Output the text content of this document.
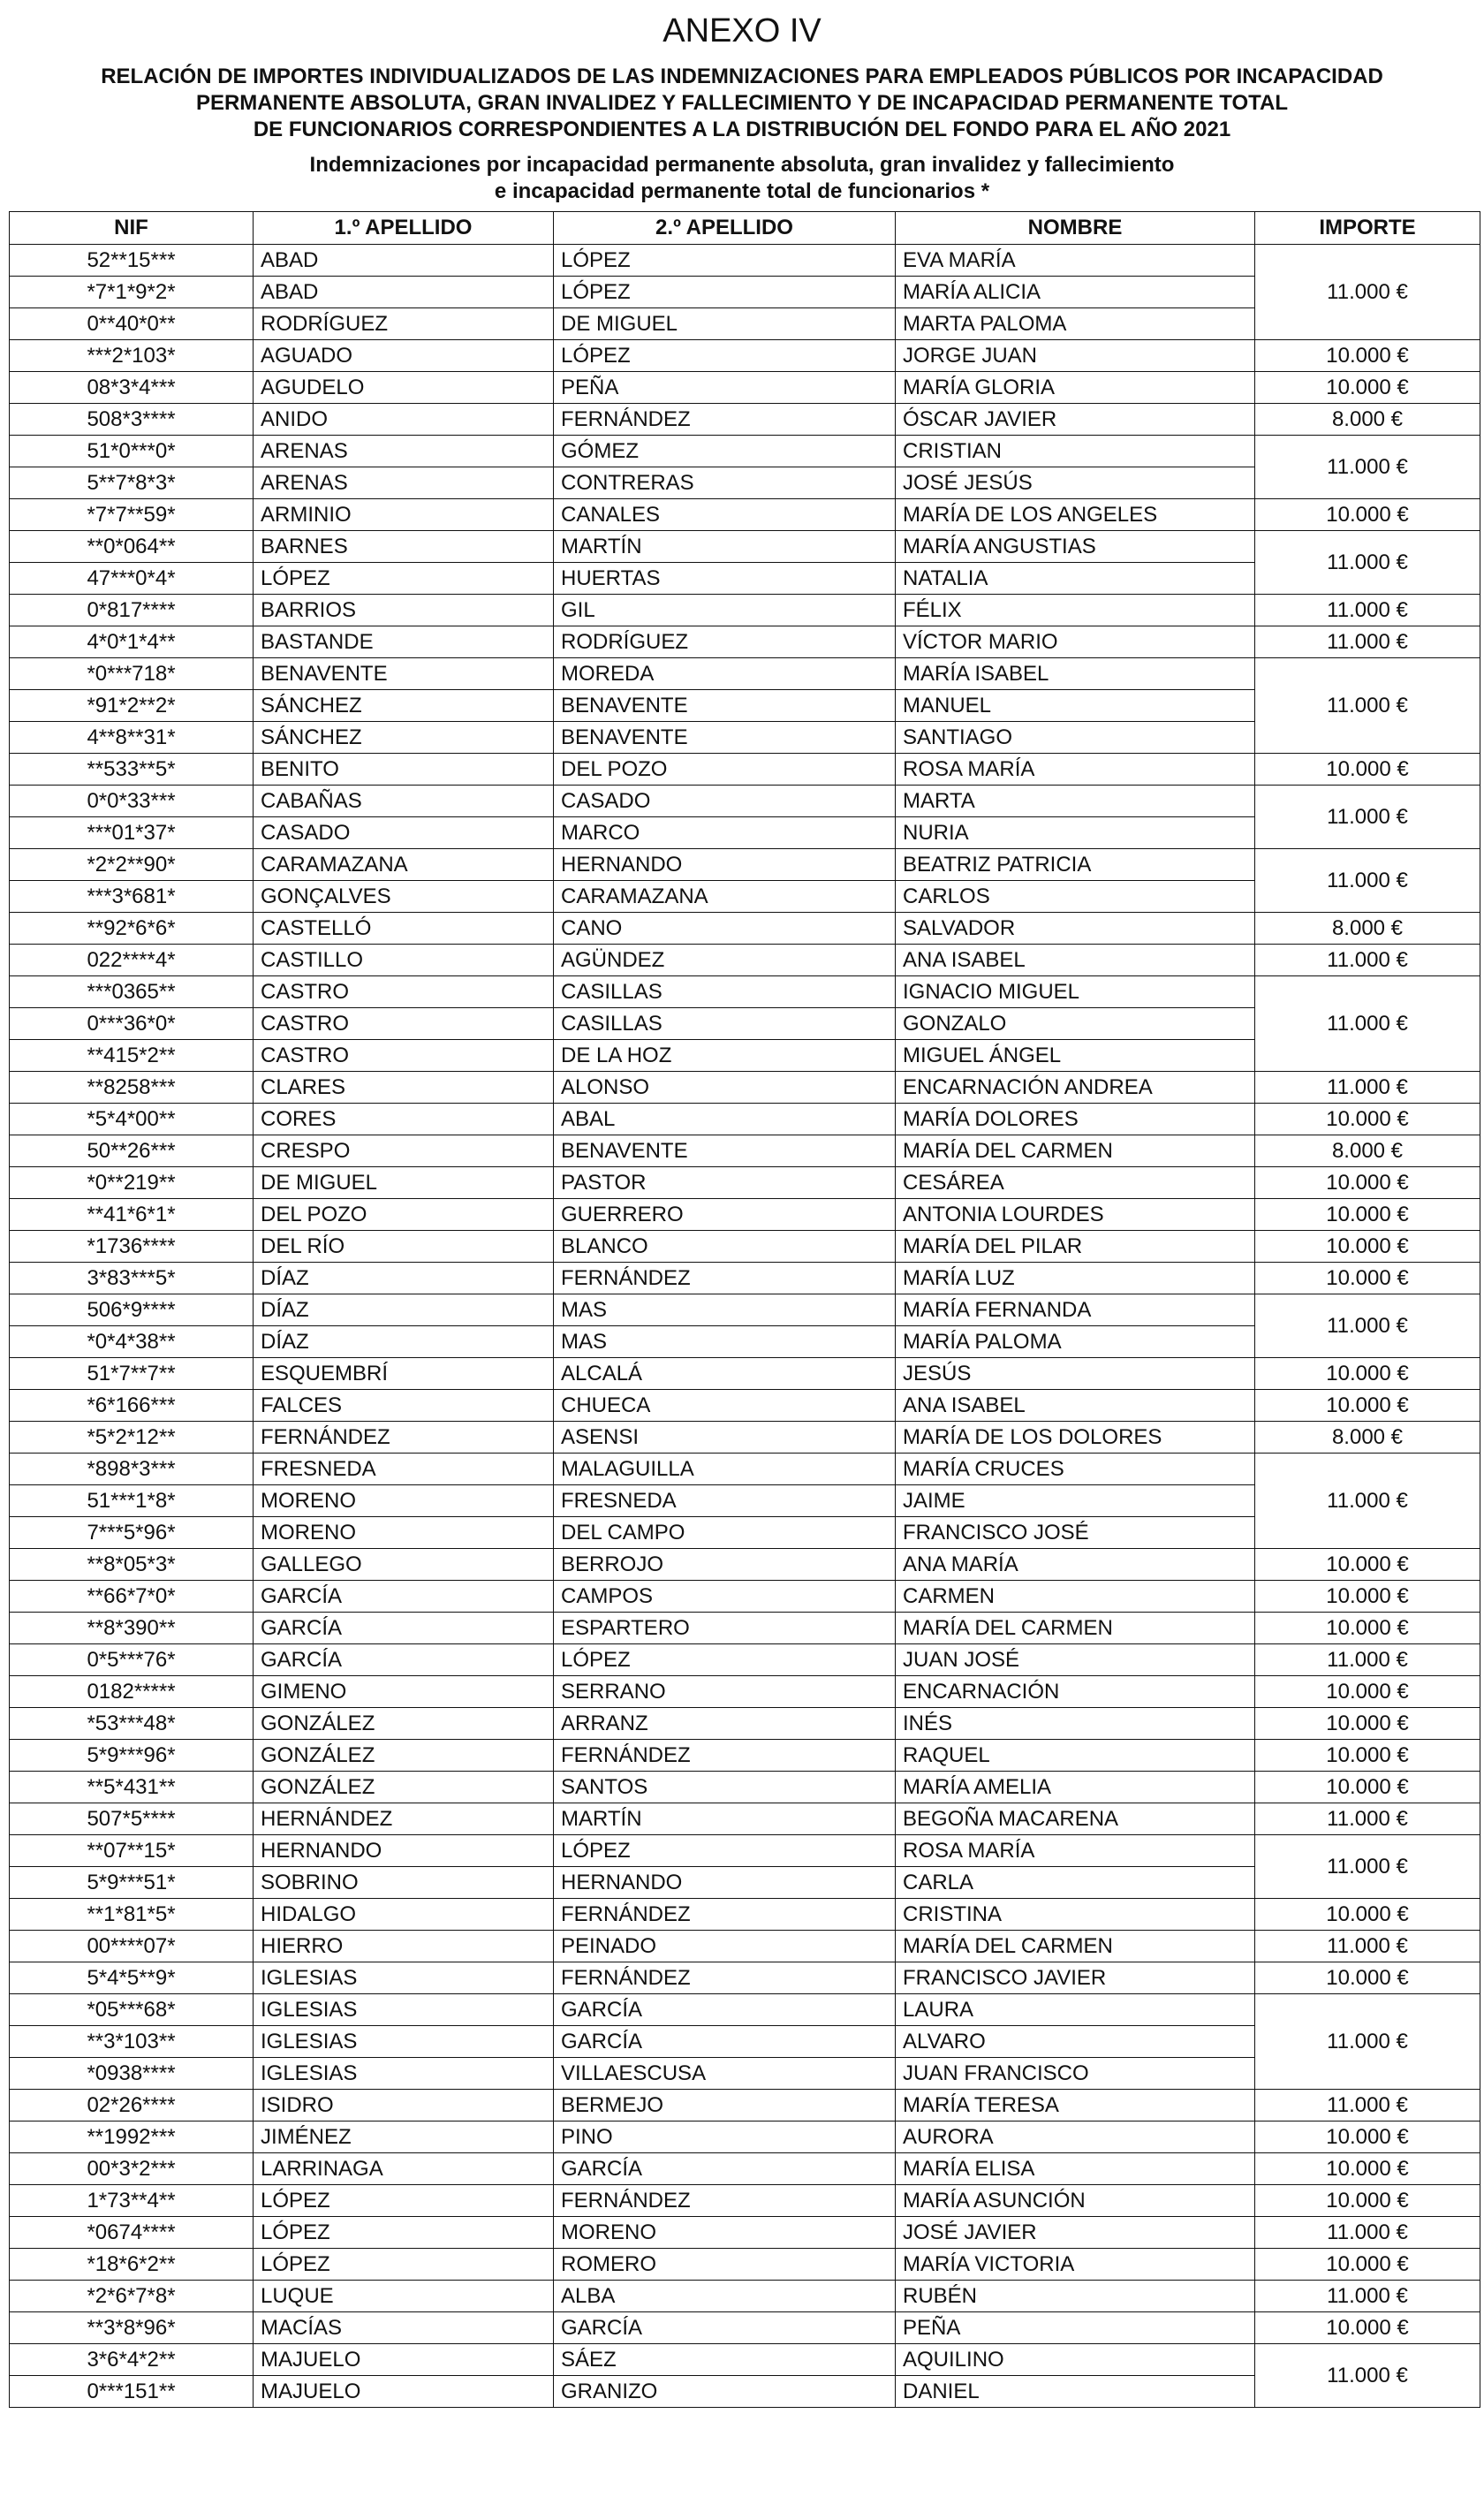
ANEXO IV
RELACIÓN DE IMPORTES INDIVIDUALIZADOS DE LAS INDEMNIZACIONES PARA EMPLEADOS PÚBLICOS POR INCAPACIDAD
PERMANENTE ABSOLUTA, GRAN INVALIDEZ Y FALLECIMIENTO Y DE INCAPACIDAD PERMANENTE TOTAL
DE FUNCIONARIOS CORRESPONDIENTES A LA DISTRIBUCIÓN DEL FONDO PARA EL AÑO 2021
Indemnizaciones por incapacidad permanente absoluta, gran invalidez y fallecimiento
e incapacidad permanente total de funcionarios *
NIF	1.º APELLIDO	2.º APELLIDO	NOMBRE	IMPORTE
52**15***	ABAD	LÓPEZ	EVA MARÍA	11.000 €
*7*1*9*2*	ABAD	LÓPEZ	MARÍA ALICIA	
0**40*0**	RODRÍGUEZ	DE MIGUEL	MARTA PALOMA	
***2*103*	AGUADO	LÓPEZ	JORGE JUAN	10.000 €
08*3*4***	AGUDELO	PEÑA	MARÍA GLORIA	10.000 €
508*3****	ANIDO	FERNÁNDEZ	ÓSCAR JAVIER	8.000 €
51*0***0*	ARENAS	GÓMEZ	CRISTIAN	11.000 €
5**7*8*3*	ARENAS	CONTRERAS	JOSÉ JESÚS	
*7*7**59*	ARMINIO	CANALES	MARÍA DE LOS ANGELES	10.000 €
**0*064**	BARNES	MARTÍN	MARÍA ANGUSTIAS	11.000 €
47***0*4*	LÓPEZ	HUERTAS	NATALIA	
0*817****	BARRIOS	GIL	FÉLIX	11.000 €
4*0*1*4**	BASTANDE	RODRÍGUEZ	VÍCTOR MARIO	11.000 €
*0***718*	BENAVENTE	MOREDA	MARÍA ISABEL	11.000 €
*91*2**2*	SÁNCHEZ	BENAVENTE	MANUEL	
4**8**31*	SÁNCHEZ	BENAVENTE	SANTIAGO	
**533**5*	BENITO	DEL POZO	ROSA MARÍA	10.000 €
0*0*33***	CABAÑAS	CASADO	MARTA	11.000 €
***01*37*	CASADO	MARCO	NURIA	
*2*2**90*	CARAMAZANA	HERNANDO	BEATRIZ PATRICIA	11.000 €
***3*681*	GONÇALVES	CARAMAZANA	CARLOS	
**92*6*6*	CASTELLÓ	CANO	SALVADOR	8.000 €
022****4*	CASTILLO	AGÜNDEZ	ANA ISABEL	11.000 €
***0365**	CASTRO	CASILLAS	IGNACIO MIGUEL	11.000 €
0***36*0*	CASTRO	CASILLAS	GONZALO	
**415*2**	CASTRO	DE LA HOZ	MIGUEL ÁNGEL	
**8258***	CLARES	ALONSO	ENCARNACIÓN ANDREA	11.000 €
*5*4*00**	CORES	ABAL	MARÍA DOLORES	10.000 €
50**26***	CRESPO	BENAVENTE	MARÍA DEL CARMEN	8.000 €
*0**219**	DE MIGUEL	PASTOR	CESÁREA	10.000 €
**41*6*1*	DEL POZO	GUERRERO	ANTONIA LOURDES	10.000 €
*1736****	DEL RÍO	BLANCO	MARÍA DEL PILAR	10.000 €
3*83***5*	DÍAZ	FERNÁNDEZ	MARÍA LUZ	10.000 €
506*9****	DÍAZ	MAS	MARÍA FERNANDA	11.000 €
*0*4*38**	DÍAZ	MAS	MARÍA PALOMA	
51*7**7**	ESQUEMBRÍ	ALCALÁ	JESÚS	10.000 €
*6*166***	FALCES	CHUECA	ANA ISABEL	10.000 €
*5*2*12**	FERNÁNDEZ	ASENSI	MARÍA DE LOS DOLORES	8.000 €
*898*3***	FRESNEDA	MALAGUILLA	MARÍA CRUCES	11.000 €
51***1*8*	MORENO	FRESNEDA	JAIME	
7***5*96*	MORENO	DEL CAMPO	FRANCISCO JOSÉ	
**8*05*3*	GALLEGO	BERROJO	ANA MARÍA	10.000 €
**66*7*0*	GARCÍA	CAMPOS	CARMEN	10.000 €
**8*390**	GARCÍA	ESPARTERO	MARÍA DEL CARMEN	10.000 €
0*5***76*	GARCÍA	LÓPEZ	JUAN JOSÉ	11.000 €
0182*****	GIMENO	SERRANO	ENCARNACIÓN	10.000 €
*53***48*	GONZÁLEZ	ARRANZ	INÉS	10.000 €
5*9***96*	GONZÁLEZ	FERNÁNDEZ	RAQUEL	10.000 €
**5*431**	GONZÁLEZ	SANTOS	MARÍA AMELIA	10.000 €
507*5****	HERNÁNDEZ	MARTÍN	BEGOÑA MACARENA	11.000 €
**07**15*	HERNANDO	LÓPEZ	ROSA MARÍA	11.000 €
5*9***51*	SOBRINO	HERNANDO	CARLA	
**1*81*5*	HIDALGO	FERNÁNDEZ	CRISTINA	10.000 €
00****07*	HIERRO	PEINADO	MARÍA DEL CARMEN	11.000 €
5*4*5**9*	IGLESIAS	FERNÁNDEZ	FRANCISCO JAVIER	10.000 €
*05***68*	IGLESIAS	GARCÍA	LAURA	11.000 €
**3*103**	IGLESIAS	GARCÍA	ALVARO	
*0938****	IGLESIAS	VILLAESCUSA	JUAN FRANCISCO	
02*26****	ISIDRO	BERMEJO	MARÍA TERESA	11.000 €
**1992***	JIMÉNEZ	PINO	AURORA	10.000 €
00*3*2***	LARRINAGA	GARCÍA	MARÍA ELISA	10.000 €
1*73**4**	LÓPEZ	FERNÁNDEZ	MARÍA ASUNCIÓN	10.000 €
*0674****	LÓPEZ	MORENO	JOSÉ JAVIER	11.000 €
*18*6*2**	LÓPEZ	ROMERO	MARÍA VICTORIA	10.000 €
*2*6*7*8*	LUQUE	ALBA	RUBÉN	11.000 €
**3*8*96*	MACÍAS	GARCÍA	PEÑA	10.000 €
3*6*4*2**	MAJUELO	SÁEZ	AQUILINO	11.000 €
0***151**	MAJUELO	GRANIZO	DANIEL	
